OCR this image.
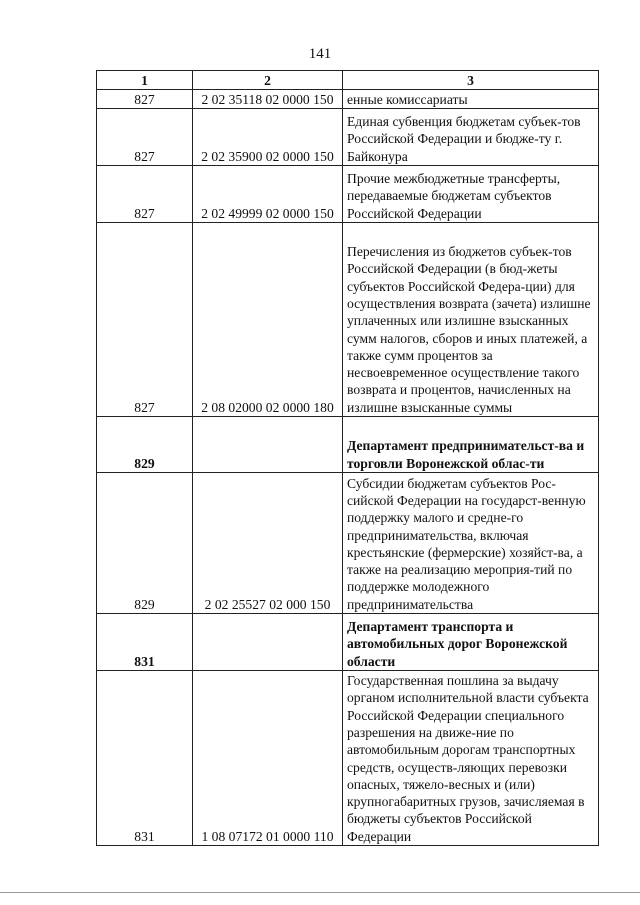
141
1	2	3
827	2 02 35118 02 0000 150	енные комиссариаты
827	2 02 35900 02 0000 150	Единая субвенция бюджетам субъек-тов Российской Федерации и бюдже-ту г. Байконура
827	2 02 49999 02 0000 150	Прочие межбюджетные трансферты, передаваемые бюджетам субъектов Российской Федерации
827	2 08 02000 02 0000 180	Перечисления из бюджетов субъек-тов Российской Федерации (в бюд-жеты субъектов Российской Федера-ции) для осуществления возврата (зачета) излишне уплаченных или излишне взысканных сумм налогов, сборов и иных платежей, а также сумм процентов за несвоевременное осуществление такого возврата и процентов, начисленных на излишне взысканные суммы
829		Департамент предпринимательст-ва и торговли Воронежской облас-ти
829	2 02 25527 02 000 150	Субсидии бюджетам субъектов Рос-сийской Федерации на государст-венную поддержку малого и средне-го предпринимательства, включая крестьянские (фермерские) хозяйст-ва, а также на реализацию мероприя-тий по поддержке молодежного предпринимательства
831		Департамент транспорта и автомобильных дорог Воронежской области
831	1 08 07172 01 0000 110	Государственная пошлина за выдачу органом исполнительной власти субъекта Российской Федерации специального разрешения на движе-ние по автомобильным дорогам транспортных средств, осуществ-ляющих перевозки опасных, тяжело-весных и (или) крупногабаритных грузов, зачисляемая в бюджеты субъектов Российской Федерации
